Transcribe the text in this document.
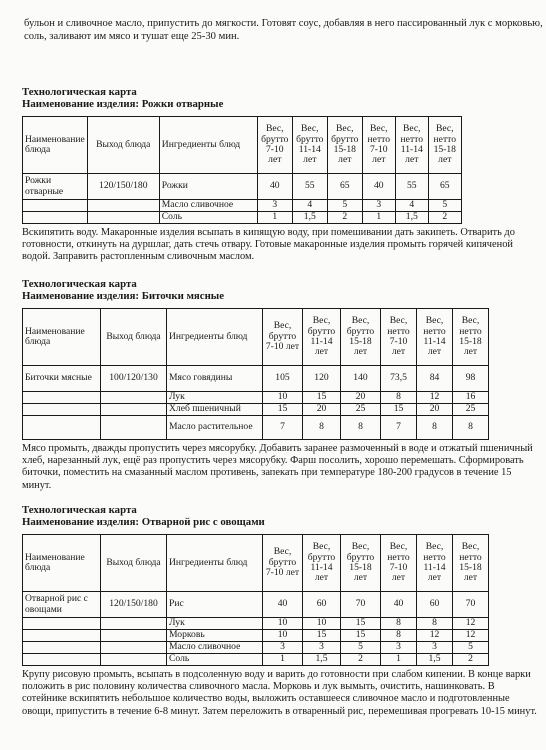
бульон и сливочное масло, припустить до мягкости. Готовят соус, добавляя в него пассированный лук с морковью, соль, заливают им мясо и тушат еще 25-30 мин.
Технологическая карта
Наименование изделия: Рожки отварные
Наименование блюда	Выход блюда	Ингредиенты блюд	Вес, брутто 7-10 лет	Вес, брутто 11-14 лет	Вес, брутто 15-18 лет	Вес, нетто 7-10 лет	Вес, нетто 11-14 лет	Вес, нетто 15-18 лет
Рожки отварные	120/150/180	Рожки	40	55	65	40	55	65
		Масло сливочное	3	4	5	3	4	5
		Соль	1	1,5	2	1	1,5	2
Вскипятить воду. Макаронные изделия всыпать в кипящую воду, при помешивании дать закипеть. Отварить до готовности, откинуть на дуршлаг, дать стечь отвару. Готовые макаронные изделия промыть горячей кипяченой водой. Заправить растопленным сливочным маслом.
Технологическая карта
Наименование изделия: Биточки мясные
Наименование блюда	Выход блюда	Ингредиенты блюд	Вес, брутто 7-10 лет	Вес, брутто 11-14 лет	Вес, брутто 15-18 лет	Вес, нетто 7-10 лет	Вес, нетто 11-14 лет	Вес, нетто 15-18 лет
Биточки мясные	100/120/130	Мясо говядины	105	120	140	73,5	84	98
		Лук	10	15	20	8	12	16
		Хлеб пшеничный	15	20	25	15	20	25
		Масло растительное	7	8	8	7	8	8
Мясо промыть, дважды пропустить через мясорубку. Добавить заранее размоченный в воде и отжатый пшеничный хлеб, нарезанный лук, ещё раз пропустить через мясорубку. Фарш посолить, хорошо перемешать. Сформировать биточки, поместить на смазанный маслом противень, запекать при температуре 180-200 градусов в течение 15 минут.
Технологическая карта
Наименование изделия: Отварной рис с овощами
Наименование блюда	Выход блюда	Ингредиенты блюд	Вес, брутто 7-10 лет	Вес, брутто 11-14 лет	Вес, брутто 15-18 лет	Вес, нетто 7-10 лет	Вес, нетто 11-14 лет	Вес, нетто 15-18 лет
Отварной рис с овощами	120/150/180	Рис	40	60	70	40	60	70
		Лук	10	10	15	8	8	12
		Морковь	10	15	15	8	12	12
		Масло сливочное	3	3	5	3	3	5
		Соль	1	1,5	2	1	1,5	2
Крупу рисовую промыть, всыпать в подсоленную воду и варить до готовности при слабом кипении. В конце варки положить в рис половину количества сливочного масла. Морковь и лук вымыть, очистить, нашинковать. В сотейнике вскипятить небольшое количество воды, выложить оставшееся сливочное масло и подготовленные овощи, припустить в течение 6-8 минут. Затем переложить в отваренный рис, перемешивая прогревать 10-15 минут.
